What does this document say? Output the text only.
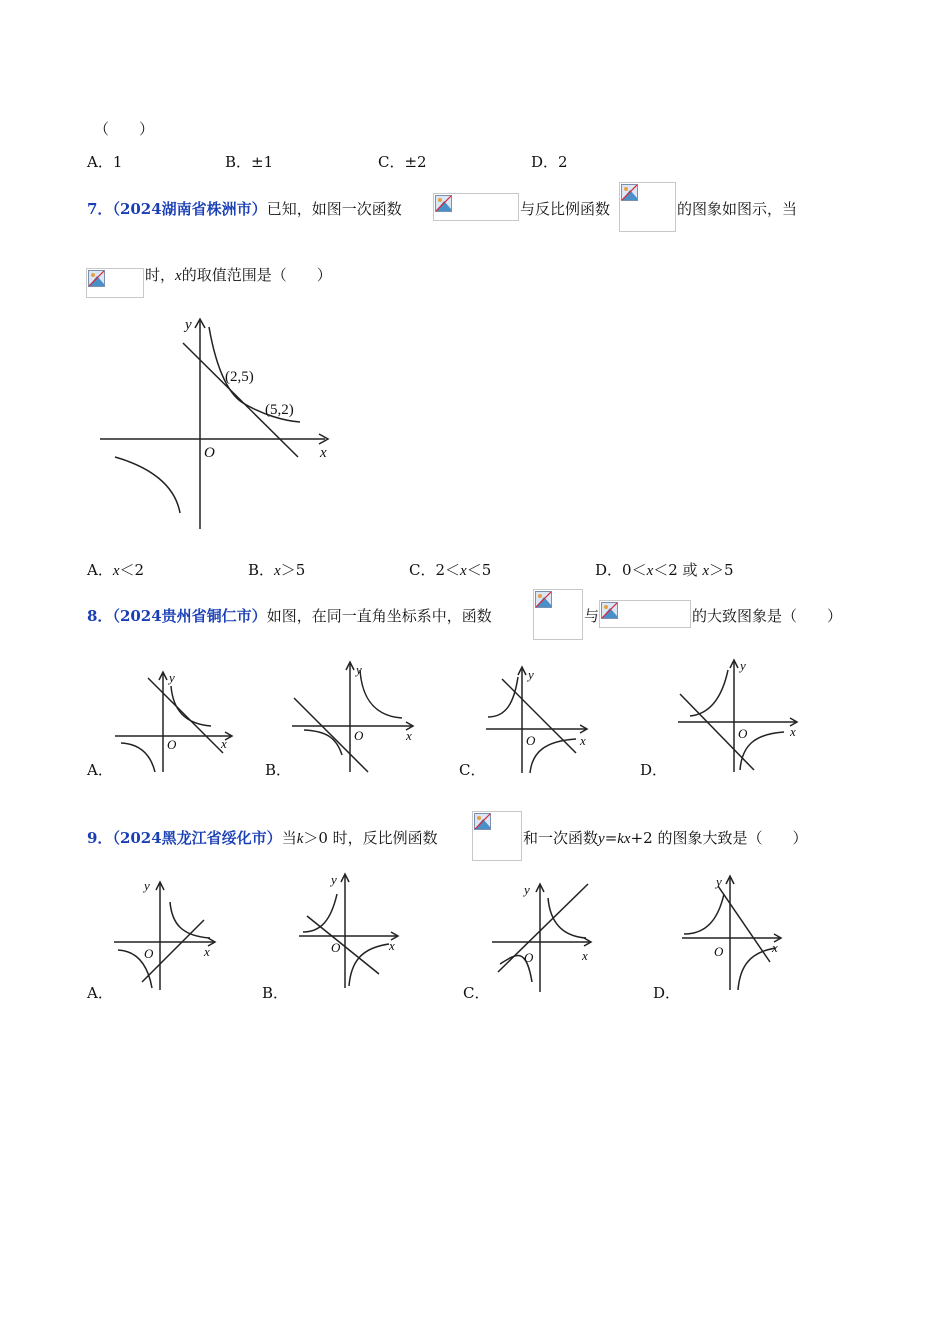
（　　）
A．1	B．±1	C．±2	D．2
7．（2024湖南省株洲市）已知，如图一次函数	与反比例函数	的图象如图示，当
时，x的取值范围是（　　）
y
x
O
(2,5)
(5,2)
A．x＜2	B．x＞5	C．2＜x＜5	D．0＜x＜2 或 x＞5
8．（2024贵州省铜仁市）如图，在同一直角坐标系中，函数	与	的大致图象是（　　）
A．
y
x
O
B．
y
x
O
C．
y
x
O
D．
y
x
O
9．（2024黑龙江省绥化市）当k＞0 时，反比例函数	和一次函数y=kx+2 的图象大致是（　　）
A．
y
x
O
B．
y
x
O
C．
y
x
O
D．
y
x
O
